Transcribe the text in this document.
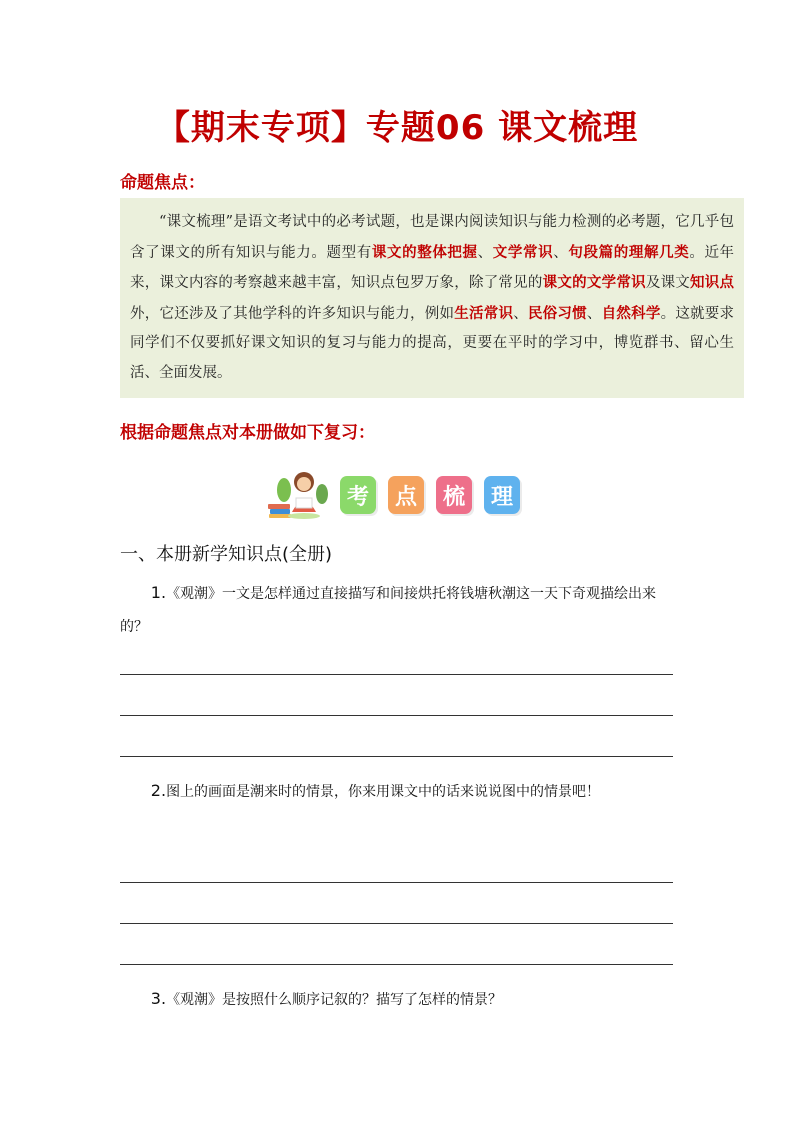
【期末专项】专题06 课文梳理
命题焦点：

“课文梳理”是语文考试中的必考试题，也是课内阅读知识与能力检测的必考题，它几乎包含了课文的所有知识与能力。题型有课文的整体把握、文学常识、句段篇的理解几类。近年来，课文内容的考察越来越丰富，知识点包罗万象，除了常见的课文的文学常识及课文知识点外，它还涉及了其他学科的许多知识与能力，例如生活常识、民俗习惯、自然科学。这就要求同学们不仅要抓好课文知识的复习与能力的提高，更要在平时的学习中，博览群书、留心生活、全面发展。

根据命题焦点对本册做如下复习：
考	点	梳	理
一、本册新学知识点(全册)
1.《观潮》一文是怎样通过直接描写和间接烘托将钱塘秋潮这一天下奇观描绘出来的？
2.图上的画面是潮来时的情景，你来用课文中的话来说说图中的情景吧！
3.《观潮》是按照什么顺序记叙的？描写了怎样的情景？
